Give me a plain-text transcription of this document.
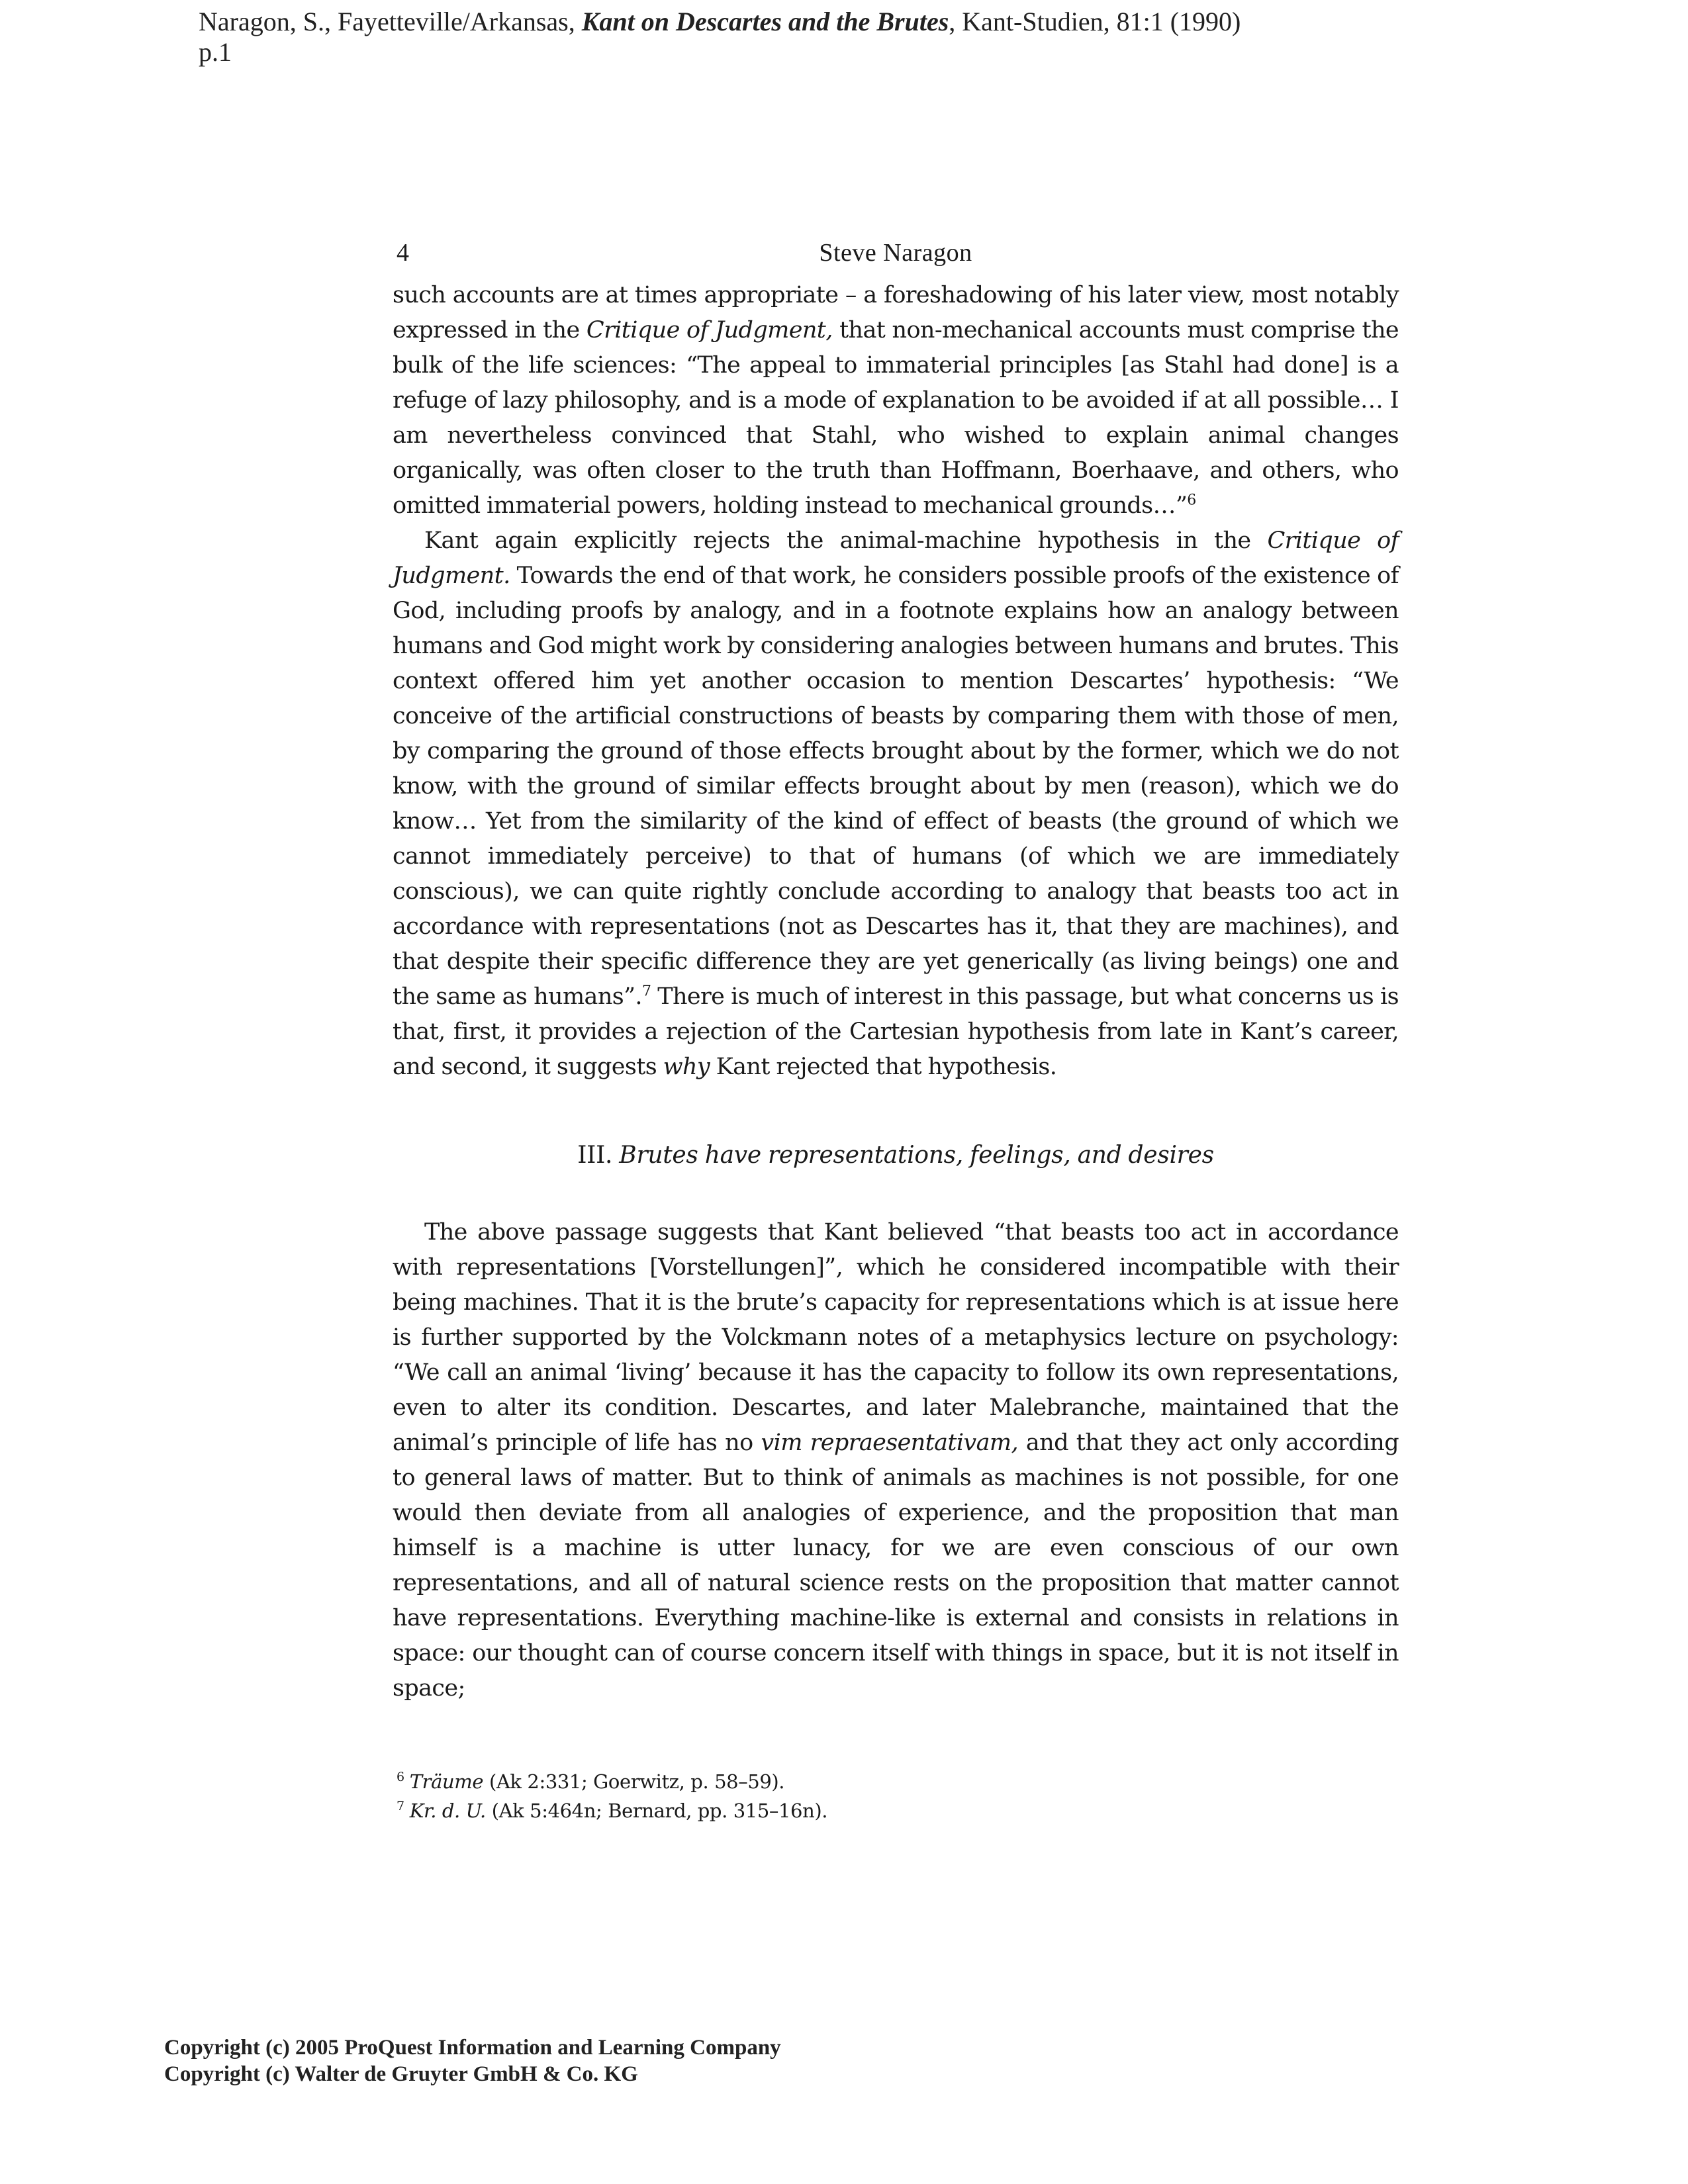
Naragon, S., Fayetteville/Arkansas, Kant on Descartes and the Brutes, Kant-Studien, 81:1 (1990)
p.1
4	Steve Naragon

such accounts are at times appropriate – a foreshadowing of his later view, most notably expressed in the Critique of Judgment, that non-mechanical accounts must comprise the bulk of the life sciences: “The appeal to immaterial principles [as Stahl had done] is a refuge of lazy philosophy, and is a mode of explanation to be avoided if at all possible… I am nevertheless convinced that Stahl, who wished to explain animal changes organically, was often closer to the truth than Hoffmann, Boerhaave, and others, who omitted immaterial powers, holding instead to mechanical grounds…”$^6$

Kant again explicitly rejects the animal-machine hypothesis in the Critique of Judgment. Towards the end of that work, he considers possible proofs of the existence of God, including proofs by analogy, and in a footnote explains how an analogy between humans and God might work by considering analogies between humans and brutes. This context offered him yet another occasion to mention Descartes’ hypothesis: “We conceive of the artificial constructions of beasts by comparing them with those of men, by comparing the ground of those effects brought about by the former, which we do not know, with the ground of similar effects brought about by men (reason), which we do know… Yet from the similarity of the kind of effect of beasts (the ground of which we cannot immediately perceive) to that of humans (of which we are immediately conscious), we can quite rightly conclude according to analogy that beasts too act in accordance with representations (not as Descartes has it, that they are machines), and that despite their specific difference they are yet generically (as living beings) one and the same as humans”.$^7$ There is much of interest in this passage, but what concerns us is that, first, it provides a rejection of the Cartesian hypothesis from late in Kant’s career, and second, it suggests why Kant rejected that hypothesis.

III. Brutes have representations, feelings, and desires

The above passage suggests that Kant believed “that beasts too act in accordance with representations [Vorstellungen]”, which he considered incompatible with their being machines. That it is the brute’s capacity for representations which is at issue here is further supported by the Volckmann notes of a metaphysics lecture on psychology: “We call an animal ‘living’ because it has the capacity to follow its own representations, even to alter its condition. Descartes, and later Malebranche, maintained that the animal’s principle of life has no vim repraesentativam, and that they act only according to general laws of matter. But to think of animals as machines is not possible, for one would then deviate from all analogies of experience, and the proposition that man himself is a machine is utter lunacy, for we are even conscious of our own representations, and all of natural science rests on the proposition that matter cannot have representations. Everything machine-like is external and consists in relations in space: our thought can of course concern itself with things in space, but it is not itself in space;

$^6$ Träume (Ak 2:331; Goerwitz, p. 58–59).
$^7$ Kr. d. U. (Ak 5:464n; Bernard, pp. 315–16n).
Copyright (c) 2005 ProQuest Information and Learning Company
Copyright (c) Walter de Gruyter GmbH & Co. KG
